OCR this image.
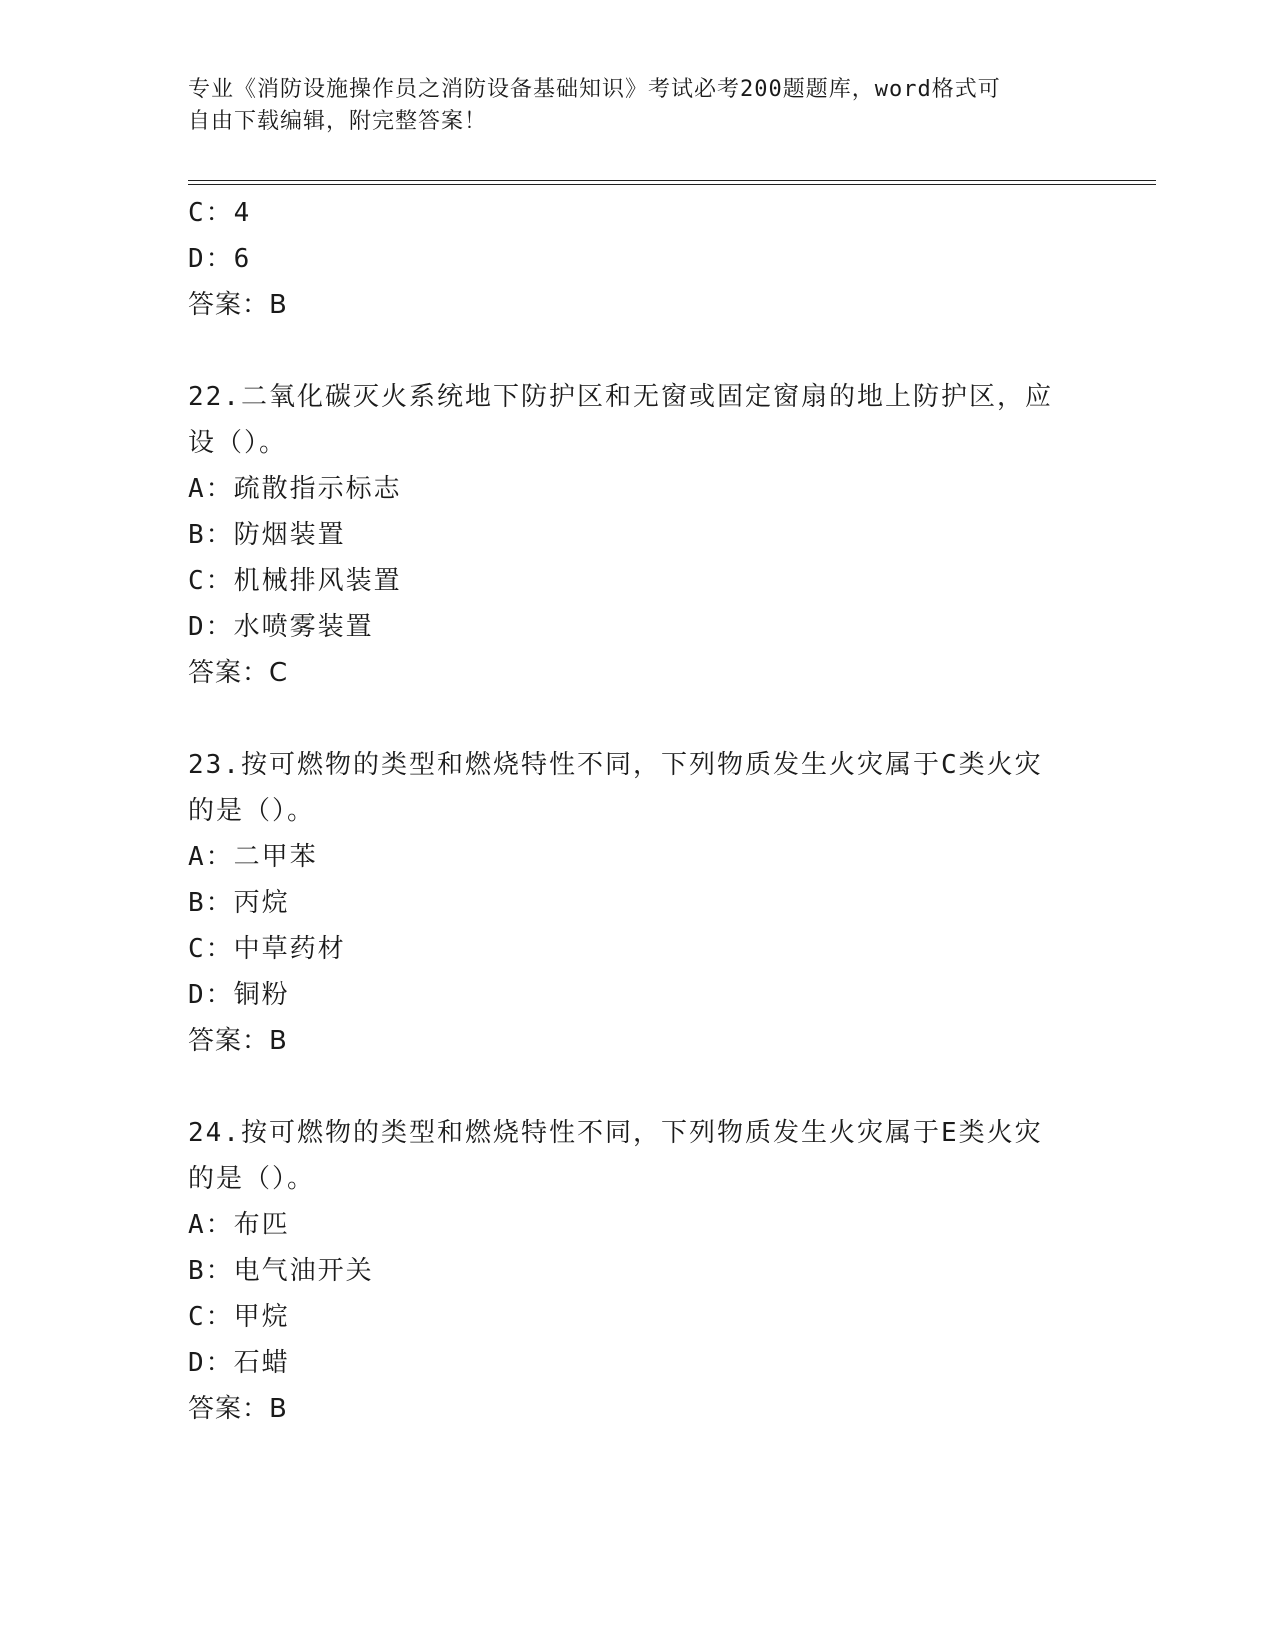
专业《消防设施操作员之消防设备基础知识》考试必考200题题库，word格式可
自由下载编辑，附完整答案！
C：4
D：6
答案：B
22.二氧化碳灭火系统地下防护区和无窗或固定窗扇的地上防护区，应
设（）。
A：疏散指示标志
B：防烟装置
C：机械排风装置
D：水喷雾装置
答案：C
23.按可燃物的类型和燃烧特性不同，下列物质发生火灾属于C类火灾
的是（）。
A：二甲苯
B：丙烷
C：中草药材
D：铜粉
答案：B
24.按可燃物的类型和燃烧特性不同，下列物质发生火灾属于E类火灾
的是（）。
A：布匹
B：电气油开关
C：甲烷
D：石蜡
答案：B
